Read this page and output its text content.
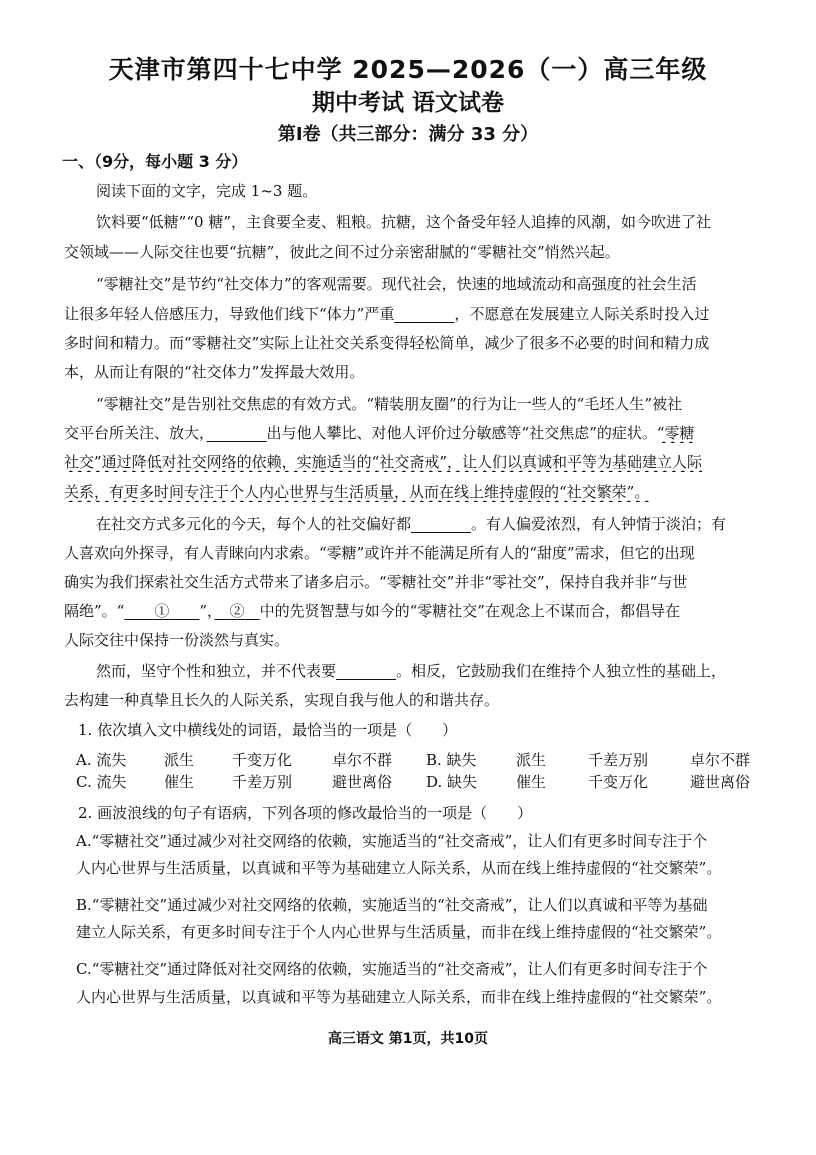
天津市第四十七中学 2025—2026（一）高三年级
期中考试 语文试卷
第Ⅰ卷（共三部分：满分 33 分）
一、（9分，每小题 3 分）
阅读下面的文字，完成 1~3 题。
饮料要“低糖”“0 糖”，主食要全麦、粗粮。抗糖，这个备受年轻人追捧的风潮，如今吹进了社
交领域——人际交往也要“抗糖”，彼此之间不过分亲密甜腻的“零糖社交”悄然兴起。
“零糖社交”是节约“社交体力”的客观需要。现代社会，快速的地域流动和高强度的社会生活
让很多年轻人倍感压力，导致他们线下“体力”严重　　　　	，不愿意在发展建立人际关系时投入过
多时间和精力。而“零糖社交”实际上让社交关系变得轻松简单，减少了很多不必要的时间和精力成
本，从而让有限的“社交体力”发挥最大效用。
“零糖社交”是告别社交焦虑的有效方式。“精装朋友圈”的行为让一些人的“毛坯人生”被社
交平台所关注、放大，　　　　	出与他人攀比、对他人评价过分敏感等“社交焦虑”的症状。“零糖
社交”通过降低对社交网络的依赖，实施适当的“社交斋戒”，让人们以真诚和平等为基础建立人际
关系，有更多时间专注于个人内心世界与生活质量，从而在线上维持虚假的“社交繁荣”。
在社交方式多元化的今天，每个人的社交偏好都　　　　	。有人偏爱浓烈，有人钟情于淡泊；有
人喜欢向外探寻，有人青睐向内求索。“零糖”或许并不能满足所有人的“甜度”需求，但它的出现
确实为我们探索社交生活方式带来了诸多启示。“零糖社交”并非“零社交”，保持自我并非“与世
隔绝”。“　　 ①　　 ”，　 ②　 中的先贤智慧与如今的“零糖社交”在观念上不谋而合，都倡导在
人际交往中保持一份淡然与真实。
然而，坚守个性和独立，并不代表要　　　　	。相反，它鼓励我们在维持个人独立性的基础上，
去构建一种真挚且长久的人际关系，实现自我与他人的和谐共存。
1. 依次填入文中横线处的词语，最恰当的一项是（　　）
A. 流失	派生	千变万化	卓尔不群 B. 缺失	派生	千差万别	卓尔不群
C. 流失	催生	千差万别	避世离俗 D. 缺失	催生	千变万化	避世离俗
2. 画波浪线的句子有语病，下列各项的修改最恰当的一项是（　　）
A.“零糖社交”通过减少对社交网络的依赖，实施适当的“社交斋戒”，让人们有更多时间专注于个
人内心世界与生活质量，以真诚和平等为基础建立人际关系，从而在线上维持虚假的“社交繁荣”。
B.“零糖社交”通过减少对社交网络的依赖，实施适当的“社交斋戒”，让人们以真诚和平等为基础
建立人际关系，有更多时间专注于个人内心世界与生活质量，而非在线上维持虚假的“社交繁荣”。
C.“零糖社交”通过降低对社交网络的依赖，实施适当的“社交斋戒”，让人们有更多时间专注于个
人内心世界与生活质量，以真诚和平等为基础建立人际关系，而非在线上维持虚假的“社交繁荣”。
高三语文 第1页，共10页
